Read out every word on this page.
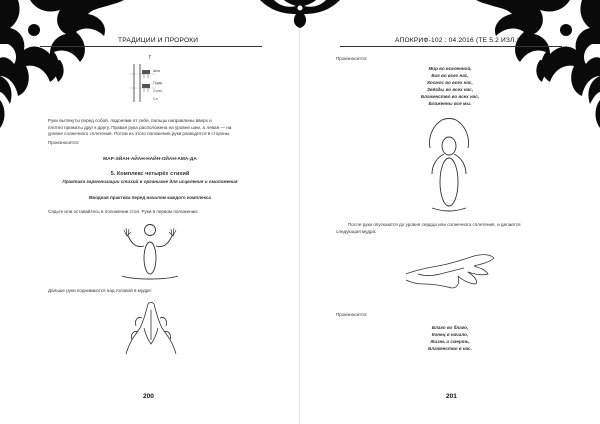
ТРАДИЦИИ И ПРОРОКИ
Г
Шея
Грудь
Солн.
Сп.
Руки вытянуты перед собой, ладонями от себя, пальцы направлены вверх и
плотно прижаты друг к другу. Правая рука расположена на уровне шеи, а левая — на
уровне солнечного сплетения. Потом из этого положения руки разводятся в стороны.
Произносится:
МАР-ЭЙАН-АЙАН-НАЙН-ОЙАН-АМА-ДА
5. Комплекс четырёх стихий
Практика гармонизации стихий в организме для исцеления и омоложения
Вводная практика перед началом каждого комплекса
Сядьте или оставайтесь в положении стоя. Руки в первом положении:
Дальше руки поднимаются над головой в мудре:
200
АПОКРИФ-102 : 04.2016 (ТЕ 5.2 ИЗЛ.)
Произносится:
Мир во вселенной,
Бог во всех нас,
Космос во всех нас,
Звёзды во всех нас,
Блаженство во всех нас,
Блаженны все мы.
После руки опускаются до уровня сердца или солнечного сплетения, и делается
следующая мудра:
Произносится:
Благо во благо,
Конец в начало,
Жизнь и смерть,
Блаженство в нас.
201
